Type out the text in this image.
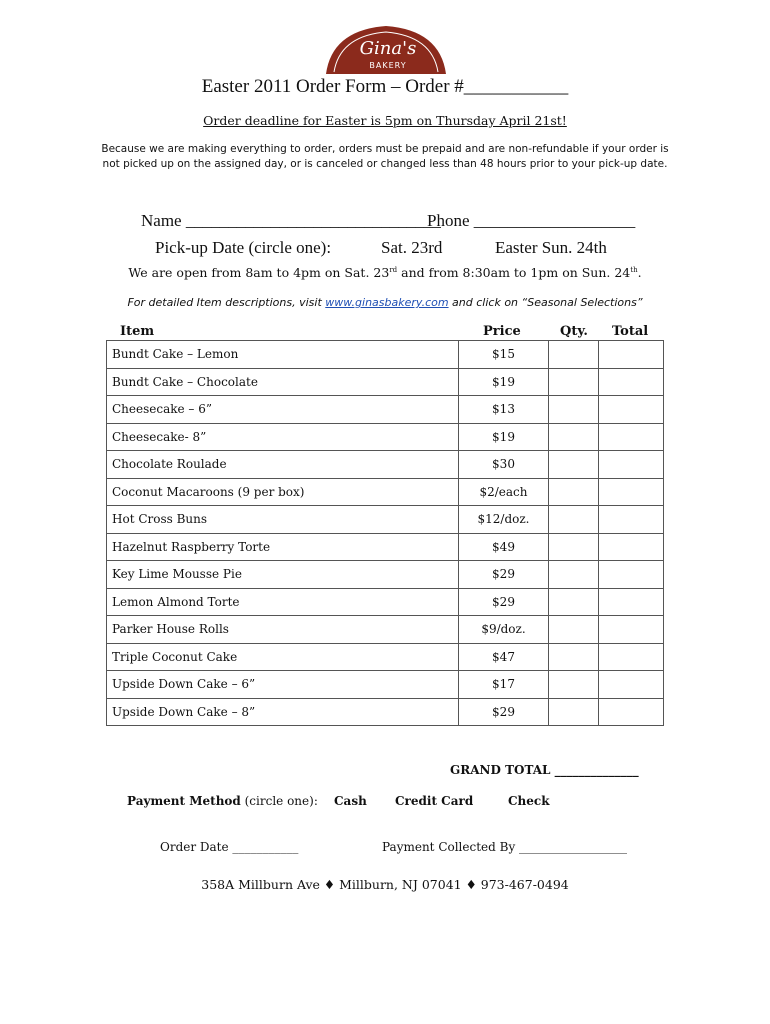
Gina's
BAKERY
Easter 2011 Order Form – Order #___________
Order deadline for Easter is 5pm on Thursday April 21st!
Because we are making everything to order, orders must be prepaid and are non-refundable if your order is not picked up on the assigned day, or is canceled or changed less than 48 hours prior to your pick-up date.
Name ______________________________
Phone ___________________
Pick-up Date (circle one):	Sat. 23rd	Easter Sun. 24th
We are open from 8am to 4pm on Sat. 23rd and from 8:30am to 1pm on Sun. 24th.
For detailed Item descriptions, visit www.ginasbakery.com and click on “Seasonal Selections”
Item	Price	Qty. Total
Bundt Cake – Lemon	$15		
Bundt Cake – Chocolate	$19		
Cheesecake – 6”	$13		
Cheesecake- 8”	$19		
Chocolate Roulade	$30		
Coconut Macaroons (9 per box)	$2/each		
Hot Cross Buns	$12/doz.		
Hazelnut Raspberry Torte	$49		
Key Lime Mousse Pie	$29		
Lemon Almond Torte	$29		
Parker House Rolls	$9/doz.		
Triple Coconut Cake	$47		
Upside Down Cake – 6”	$17		
Upside Down Cake – 8”	$29		
GRAND TOTAL ______________
Payment Method (circle one): Cash Credit Card	Check
Order Date ___________	Payment Collected By __________________
358A Millburn Ave ♦ Millburn, NJ 07041 ♦ 973-467-0494
